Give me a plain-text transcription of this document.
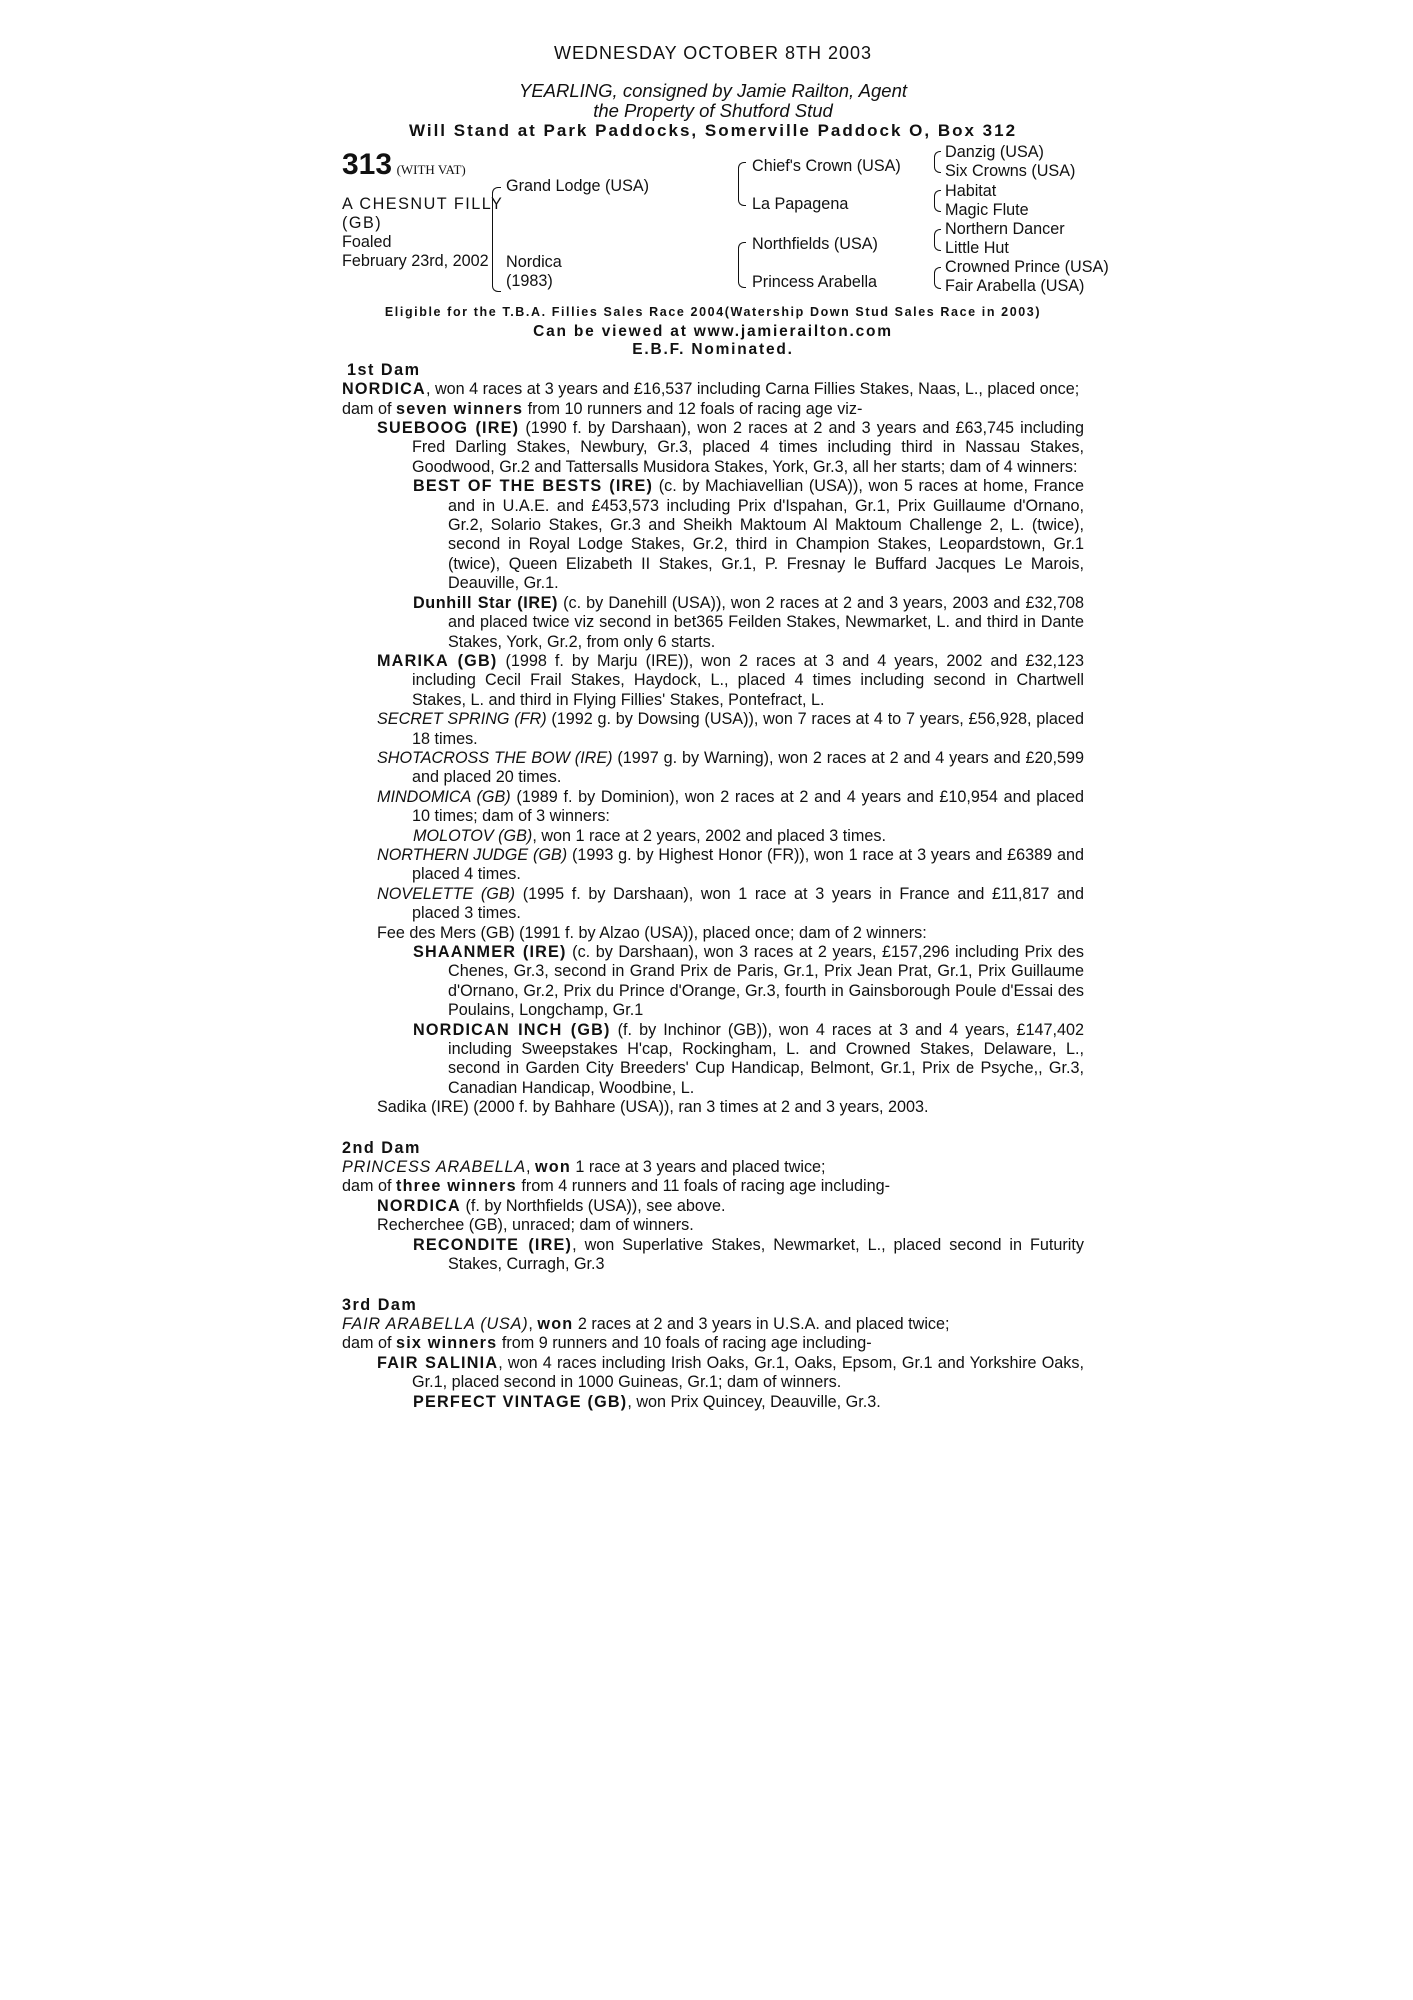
WEDNESDAY OCTOBER 8TH 2003
YEARLING, consigned by Jamie Railton, Agent
the Property of Shutford Stud
Will Stand at Park Paddocks, Somerville Paddock O, Box 312
313 (WITH VAT)
A CHESNUT FILLY
(GB)
Foaled
February 23rd, 2002
Grand Lodge (USA)
Nordica
(1983)
Chief's Crown (USA)
La Papagena
Northfields (USA)
Princess Arabella
Danzig (USA)
Six Crowns (USA)
Habitat
Magic Flute
Northern Dancer
Little Hut
Crowned Prince (USA)
Fair Arabella (USA)
Eligible for the T.B.A. Fillies Sales Race 2004(Watership Down Stud Sales Race in 2003)
Can be viewed at www.jamierailton.com
E.B.F. Nominated.
1st Dam

NORDICA, won 4 races at 3 years and £16,537 including Carna Fillies Stakes, Naas, L., placed once;

dam of seven winners from 10 runners and 12 foals of racing age viz-

SUEBOOG (IRE) (1990 f. by Darshaan), won 2 races at 2 and 3 years and £63,745 including Fred Darling Stakes, Newbury, Gr.3, placed 4 times including third in Nassau Stakes, Goodwood, Gr.2 and Tattersalls Musidora Stakes, York, Gr.3, all her starts; dam of 4 winners:

BEST OF THE BESTS (IRE) (c. by Machiavellian (USA)), won 5 races at home, France and in U.A.E. and £453,573 including Prix d'Ispahan, Gr.1, Prix Guillaume d'Ornano, Gr.2, Solario Stakes, Gr.3 and Sheikh Maktoum Al Maktoum Challenge 2, L. (twice), second in Royal Lodge Stakes, Gr.2, third in Champion Stakes, Leopardstown, Gr.1 (twice), Queen Elizabeth II Stakes, Gr.1, P. Fresnay le Buffard Jacques Le Marois, Deauville, Gr.1.

Dunhill Star (IRE) (c. by Danehill (USA)), won 2 races at 2 and 3 years, 2003 and £32,708 and placed twice viz second in bet365 Feilden Stakes, Newmarket, L. and third in Dante Stakes, York, Gr.2, from only 6 starts.

MARIKA (GB) (1998 f. by Marju (IRE)), won 2 races at 3 and 4 years, 2002 and £32,123 including Cecil Frail Stakes, Haydock, L., placed 4 times including second in Chartwell Stakes, L. and third in Flying Fillies' Stakes, Pontefract, L.

SECRET SPRING (FR) (1992 g. by Dowsing (USA)), won 7 races at 4 to 7 years, £56,928, placed 18 times.

SHOTACROSS THE BOW (IRE) (1997 g. by Warning), won 2 races at 2 and 4 years and £20,599 and placed 20 times.

MINDOMICA (GB) (1989 f. by Dominion), won 2 races at 2 and 4 years and £10,954 and placed 10 times; dam of 3 winners:

MOLOTOV (GB), won 1 race at 2 years, 2002 and placed 3 times.

NORTHERN JUDGE (GB) (1993 g. by Highest Honor (FR)), won 1 race at 3 years and £6389 and placed 4 times.

NOVELETTE (GB) (1995 f. by Darshaan), won 1 race at 3 years in France and £11,817 and placed 3 times.

Fee des Mers (GB) (1991 f. by Alzao (USA)), placed once; dam of 2 winners:

SHAANMER (IRE) (c. by Darshaan), won 3 races at 2 years, £157,296 including Prix des Chenes, Gr.3, second in Grand Prix de Paris, Gr.1, Prix Jean Prat, Gr.1, Prix Guillaume d'Ornano, Gr.2, Prix du Prince d'Orange, Gr.3, fourth in Gainsborough Poule d'Essai des Poulains, Longchamp, Gr.1

NORDICAN INCH (GB) (f. by Inchinor (GB)), won 4 races at 3 and 4 years, £147,402 including Sweepstakes H'cap, Rockingham, L. and Crowned Stakes, Delaware, L., second in Garden City Breeders' Cup Handicap, Belmont, Gr.1, Prix de Psyche,, Gr.3, Canadian Handicap, Woodbine, L.

Sadika (IRE) (2000 f. by Bahhare (USA)), ran 3 times at 2 and 3 years, 2003.

2nd Dam

PRINCESS ARABELLA, won 1 race at 3 years and placed twice;

dam of three winners from 4 runners and 11 foals of racing age including-

NORDICA (f. by Northfields (USA)), see above.

Recherchee (GB), unraced; dam of winners.

RECONDITE (IRE), won Superlative Stakes, Newmarket, L., placed second in Futurity Stakes, Curragh, Gr.3

3rd Dam

FAIR ARABELLA (USA), won 2 races at 2 and 3 years in U.S.A. and placed twice;

dam of six winners from 9 runners and 10 foals of racing age including-

FAIR SALINIA, won 4 races including Irish Oaks, Gr.1, Oaks, Epsom, Gr.1 and Yorkshire Oaks, Gr.1, placed second in 1000 Guineas, Gr.1; dam of winners.

PERFECT VINTAGE (GB), won Prix Quincey, Deauville, Gr.3.
